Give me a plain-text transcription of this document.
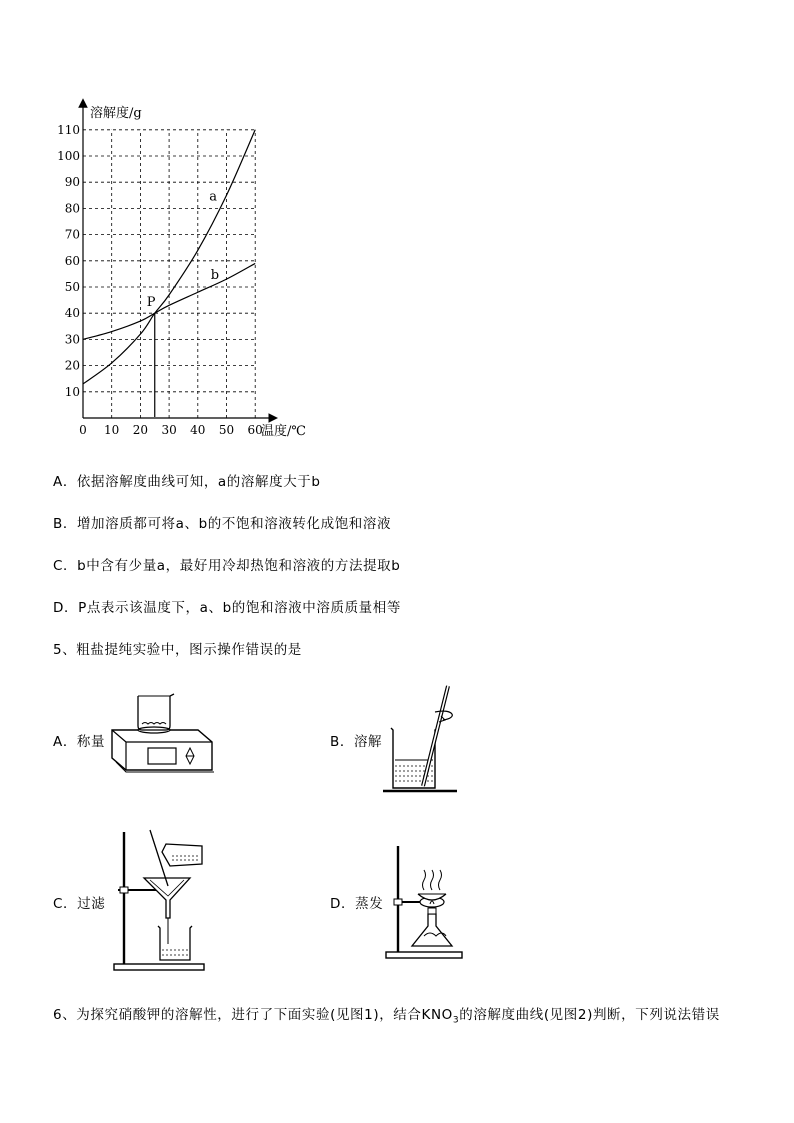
10
20
30
40
50
60
70
80
90
100
110
0 10 20 30 40 50 60
a
b
P
溶解度/g
温度/℃
A．依据溶解度曲线可知，a的溶解度大于b
B．增加溶质都可将a、b的不饱和溶液转化成饱和溶液
C．b中含有少量a，最好用冷却热饱和溶液的方法提取b
D．P点表示该温度下，a、b的饱和溶液中溶质质量相等
5、粗盐提纯实验中，图示操作错误的是
A．称量	B．溶解
C．过滤	D．蒸发
6、为探究硝酸钾的溶解性，进行了下面实验(见图1)，结合$KNO_3$的溶解度曲线(见图2)判断，下列说法错误
